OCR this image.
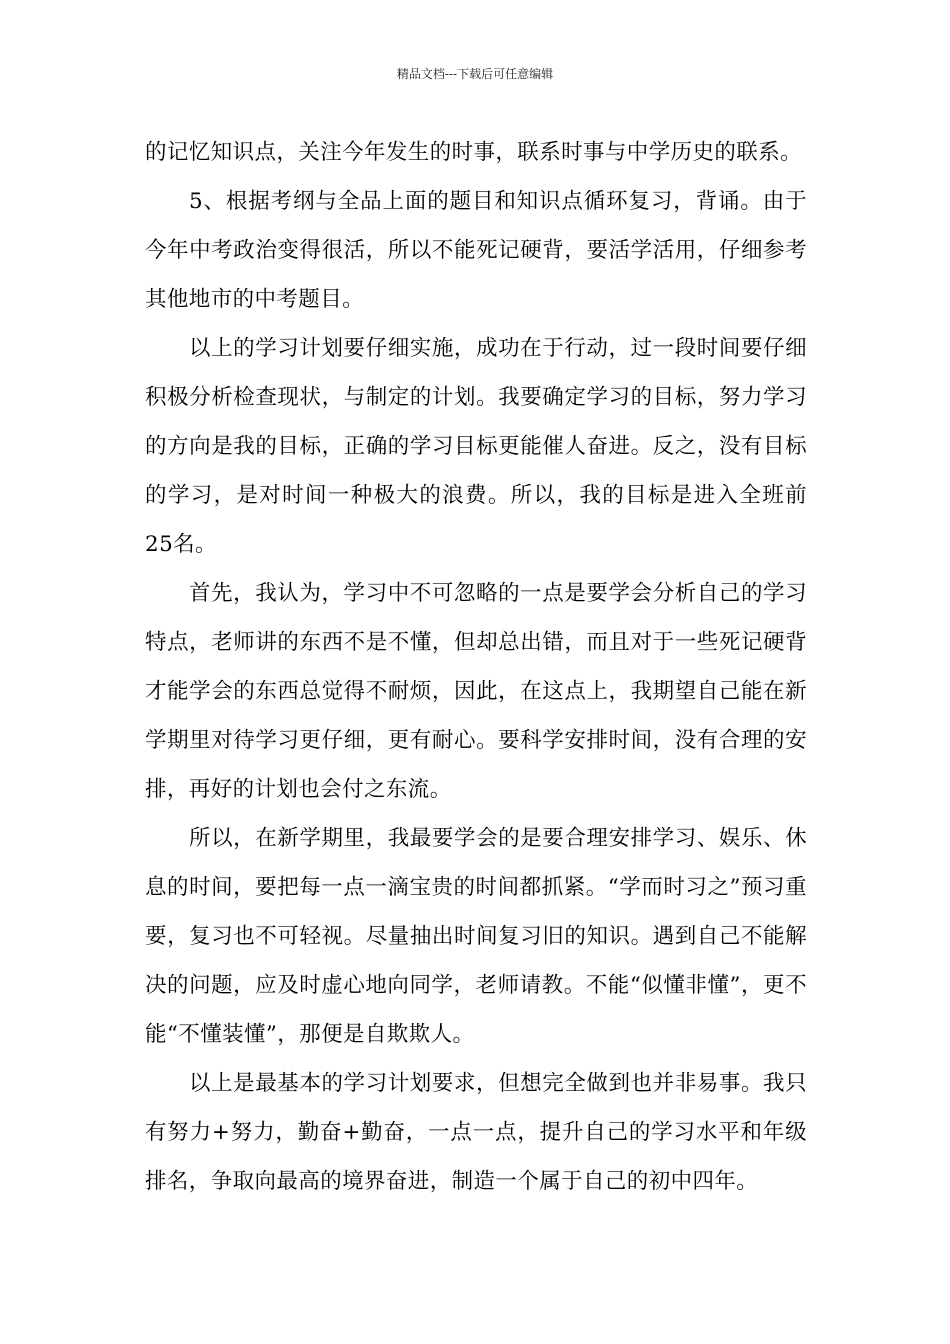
精品文档---下载后可任意编辑

的记忆知识点，关注今年发生的时事，联系时事与中学历史的联系。

5、根据考纲与全品上面的题目和知识点循环复习，背诵。由于今年中考政治变得很活，所以不能死记硬背，要活学活用，仔细参考其他地市的中考题目。

以上的学习计划要仔细实施，成功在于行动，过一段时间要仔细积极分析检查现状，与制定的计划。我要确定学习的目标，努力学习的方向是我的目标，正确的学习目标更能催人奋进。反之，没有目标的学习，是对时间一种极大的浪费。所以，我的目标是进入全班前25名。

首先，我认为，学习中不可忽略的一点是要学会分析自己的学习特点，老师讲的东西不是不懂，但却总出错，而且对于一些死记硬背才能学会的东西总觉得不耐烦，因此，在这点上，我期望自己能在新学期里对待学习更仔细，更有耐心。要科学安排时间，没有合理的安排，再好的计划也会付之东流。

所以，在新学期里，我最要学会的是要合理安排学习、娱乐、休息的时间，要把每一点一滴宝贵的时间都抓紧。“学而时习之”预习重要，复习也不可轻视。尽量抽出时间复习旧的知识。遇到自己不能解决的问题，应及时虚心地向同学，老师请教。不能“似懂非懂”，更不能“不懂装懂”，那便是自欺欺人。

以上是最基本的学习计划要求，但想完全做到也并非易事。我只有努力+努力，勤奋+勤奋，一点一点，提升自己的学习水平和年级排名，争取向最高的境界奋进，制造一个属于自己的初中四年。
